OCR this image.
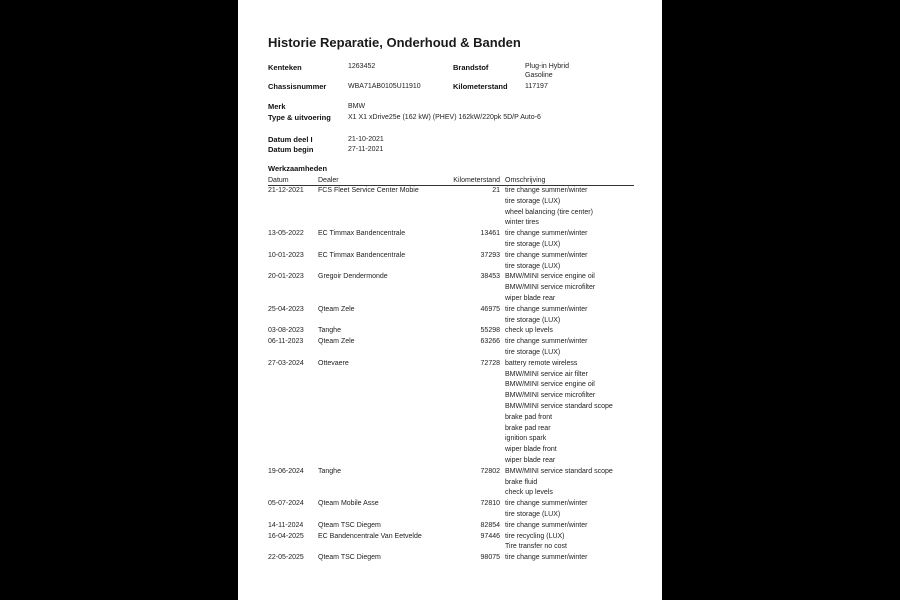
Historie Reparatie, Onderhoud & Banden
Kenteken	1263452	Brandstof	Plug-in Hybrid
Gasoline
Chassisnummer	WBA71AB0105U11910	Kilometerstand 117197
Merk	BMW
Type & uitvoering X1 X1 xDrive25e (162 kW) (PHEV) 162kW/220pk 5D/P Auto-6
Datum deel I	21-10-2021
Datum begin	27-11-2021
Werkzaamheden
Datum	Dealer	Kilometerstand Omschrijving
21-12-2021 FCS Fleet Service Center Mobie	21 tire change summer/winter
tire storage (LUX)
wheel balancing (tire center)
winter tires
13-05-2022 EC Timmax Bandencentrale	13461 tire change summer/winter
tire storage (LUX)
10-01-2023 EC Timmax Bandencentrale	37293 tire change summer/winter
tire storage (LUX)
20-01-2023 Gregoir Dendermonde	38453 BMW/MINI service engine oil
BMW/MINI service microfilter
wiper blade rear
25-04-2023 Qteam Zele	46975 tire change summer/winter
tire storage (LUX)
03-08-2023 Tanghe	55298 check up levels
06-11-2023 Qteam Zele	63266 tire change summer/winter
tire storage (LUX)
27-03-2024 Ottevaere	72728 battery remote wireless
BMW/MINI service air filter
BMW/MINI service engine oil
BMW/MINI service microfilter
BMW/MINI service standard scope
brake pad front
brake pad rear
ignition spark
wiper blade front
wiper blade rear
19-06-2024 Tanghe	72802 BMW/MINI service standard scope
brake fluid
check up levels
05-07-2024 Qteam Mobile Asse	72810 tire change summer/winter
tire storage (LUX)
14-11-2024 Qteam TSC Diegem	82854 tire change summer/winter
16-04-2025 EC Bandencentrale Van Eetvelde	97446 tire recycling (LUX)
Tire transfer no cost
22-05-2025 Qteam TSC Diegem	98075 tire change summer/winter
